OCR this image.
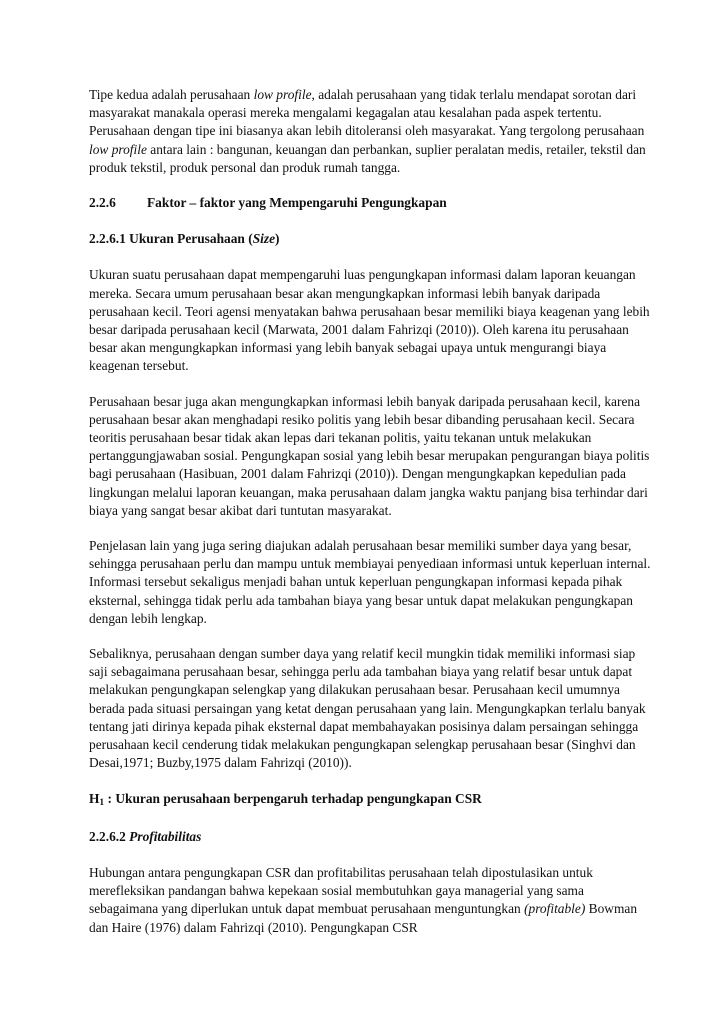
Tipe kedua adalah perusahaan low profile, adalah perusahaan yang tidak terlalu mendapat sorotan dari masyarakat manakala operasi mereka mengalami kegagalan atau kesalahan pada aspek tertentu. Perusahaan dengan tipe ini biasanya akan lebih ditoleransi oleh masyarakat. Yang tergolong perusahaan low profile antara lain : bangunan, keuangan dan perbankan, suplier peralatan medis, retailer, tekstil dan produk tekstil, produk personal dan produk rumah tangga.

2.2.6 Faktor – faktor yang Mempengaruhi Pengungkapan
2.2.6.1 Ukuran Perusahaan (Size)

Ukuran suatu perusahaan dapat mempengaruhi luas pengungkapan informasi dalam laporan keuangan mereka. Secara umum perusahaan besar akan mengungkapkan informasi lebih banyak daripada perusahaan kecil. Teori agensi menyatakan bahwa perusahaan besar memiliki biaya keagenan yang lebih besar daripada perusahaan kecil (Marwata, 2001 dalam Fahrizqi (2010)). Oleh karena itu perusahaan besar akan mengungkapkan informasi yang lebih banyak sebagai upaya untuk mengurangi biaya keagenan tersebut.

Perusahaan besar juga akan mengungkapkan informasi lebih banyak daripada perusahaan kecil, karena perusahaan besar akan menghadapi resiko politis yang lebih besar dibanding perusahaan kecil. Secara teoritis perusahaan besar tidak akan lepas dari tekanan politis, yaitu tekanan untuk melakukan pertanggungjawaban sosial. Pengungkapan sosial yang lebih besar merupakan pengurangan biaya politis bagi perusahaan (Hasibuan, 2001 dalam Fahrizqi (2010)). Dengan mengungkapkan kepedulian pada lingkungan melalui laporan keuangan, maka perusahaan dalam jangka waktu panjang bisa terhindar dari biaya yang sangat besar akibat dari tuntutan masyarakat.

Penjelasan lain yang juga sering diajukan adalah perusahaan besar memiliki sumber daya yang besar, sehingga perusahaan perlu dan mampu untuk membiayai penyediaan informasi untuk keperluan internal. Informasi tersebut sekaligus menjadi bahan untuk keperluan pengungkapan informasi kepada pihak eksternal, sehingga tidak perlu ada tambahan biaya yang besar untuk dapat melakukan pengungkapan dengan lebih lengkap.

Sebaliknya, perusahaan dengan sumber daya yang relatif kecil mungkin tidak memiliki informasi siap saji sebagaimana perusahaan besar, sehingga perlu ada tambahan biaya yang relatif besar untuk dapat melakukan pengungkapan selengkap yang dilakukan perusahaan besar. Perusahaan kecil umumnya berada pada situasi persaingan yang ketat dengan perusahaan yang lain. Mengungkapkan terlalu banyak tentang jati dirinya kepada pihak eksternal dapat membahayakan posisinya dalam persaingan sehingga perusahaan kecil cenderung tidak melakukan pengungkapan selengkap perusahaan besar (Singhvi dan Desai,1971; Buzby,1975 dalam Fahrizqi (2010)).

H1 : Ukuran perusahaan berpengaruh terhadap pengungkapan CSR
2.2.6.2 Profitabilitas

Hubungan antara pengungkapan CSR dan profitabilitas perusahaan telah dipostulasikan untuk merefleksikan pandangan bahwa kepekaan sosial membutuhkan gaya managerial yang sama sebagaimana yang diperlukan untuk dapat membuat perusahaan menguntungkan (profitable) Bowman dan Haire (1976) dalam Fahrizqi (2010). Pengungkapan CSR
